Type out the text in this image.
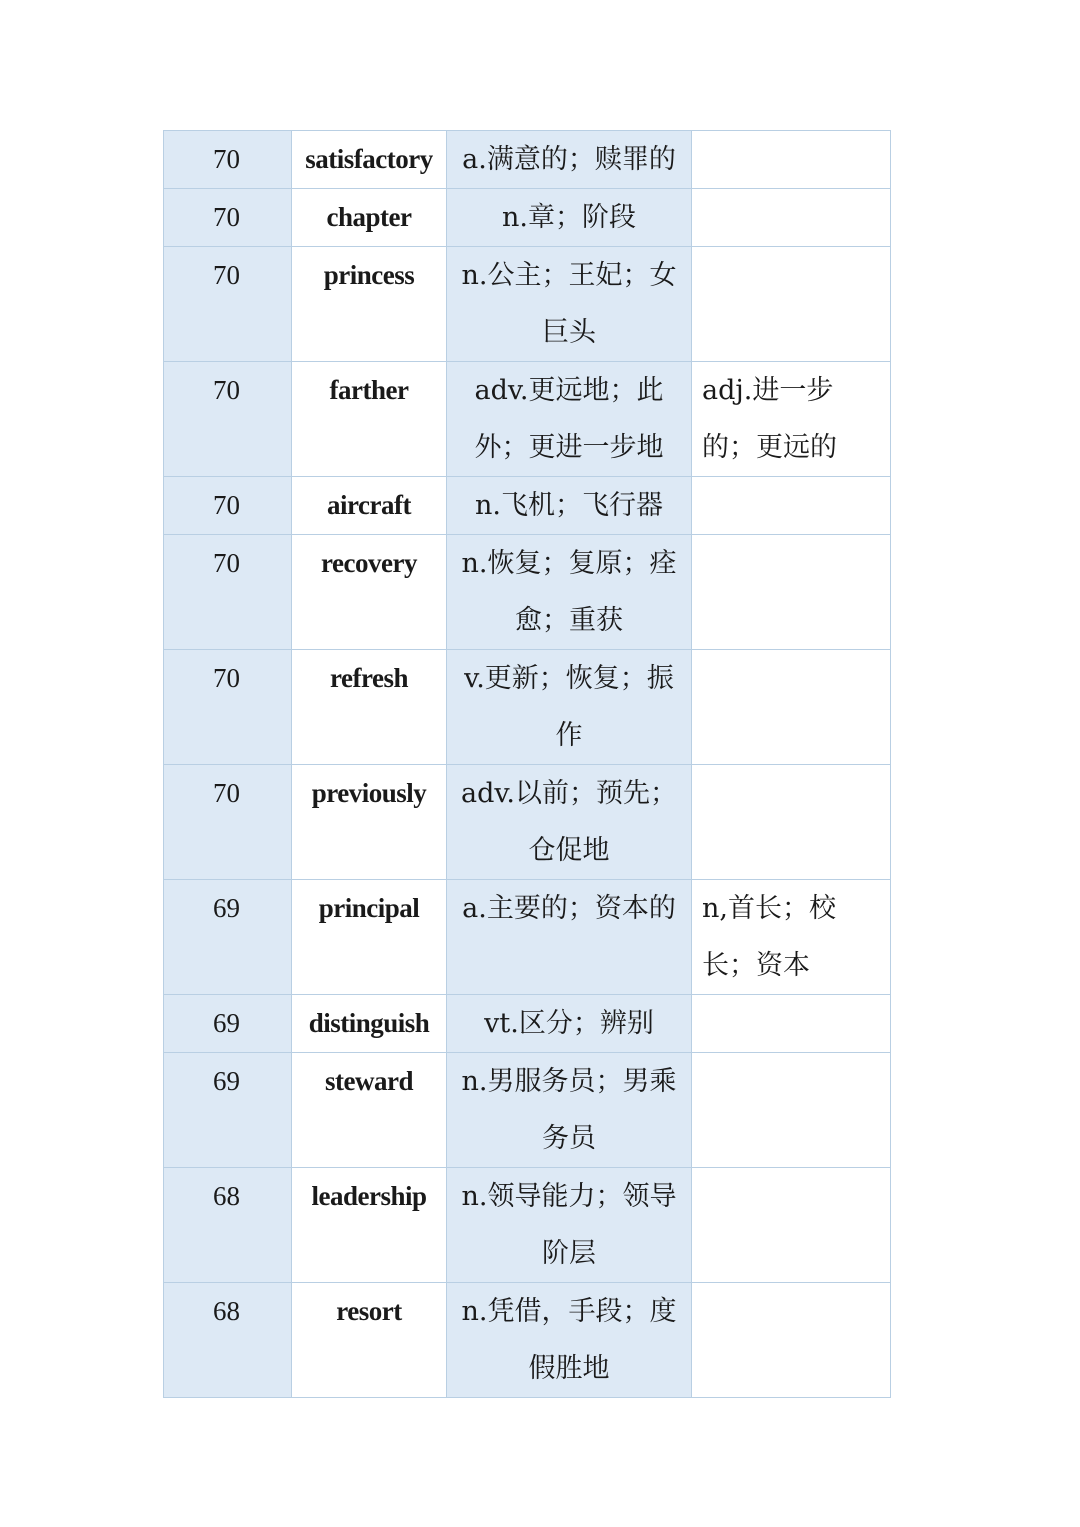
70	satisfactory	a.满意的；赎罪的	

70	chapter	n.章；阶段	

70	princess	n.公主；王妃；女巨头	

70	farther	adv.更远地；此外；更进一步地	adj.进一步的；更远的

70	aircraft	n.飞机；飞行器	

70	recovery	n.恢复；复原；痊愈；重获	

70	refresh	v.更新；恢复；振作	

70	previously	adv.以前；预先；仓促地	

69	principal	a.主要的；资本的	n,首长；校长；资本

69	distinguish	vt.区分；辨别	

69	steward	n.男服务员；男乘务员	

68	leadership	n.领导能力；领导阶层	

68	resort	n.凭借，手段；度假胜地	
